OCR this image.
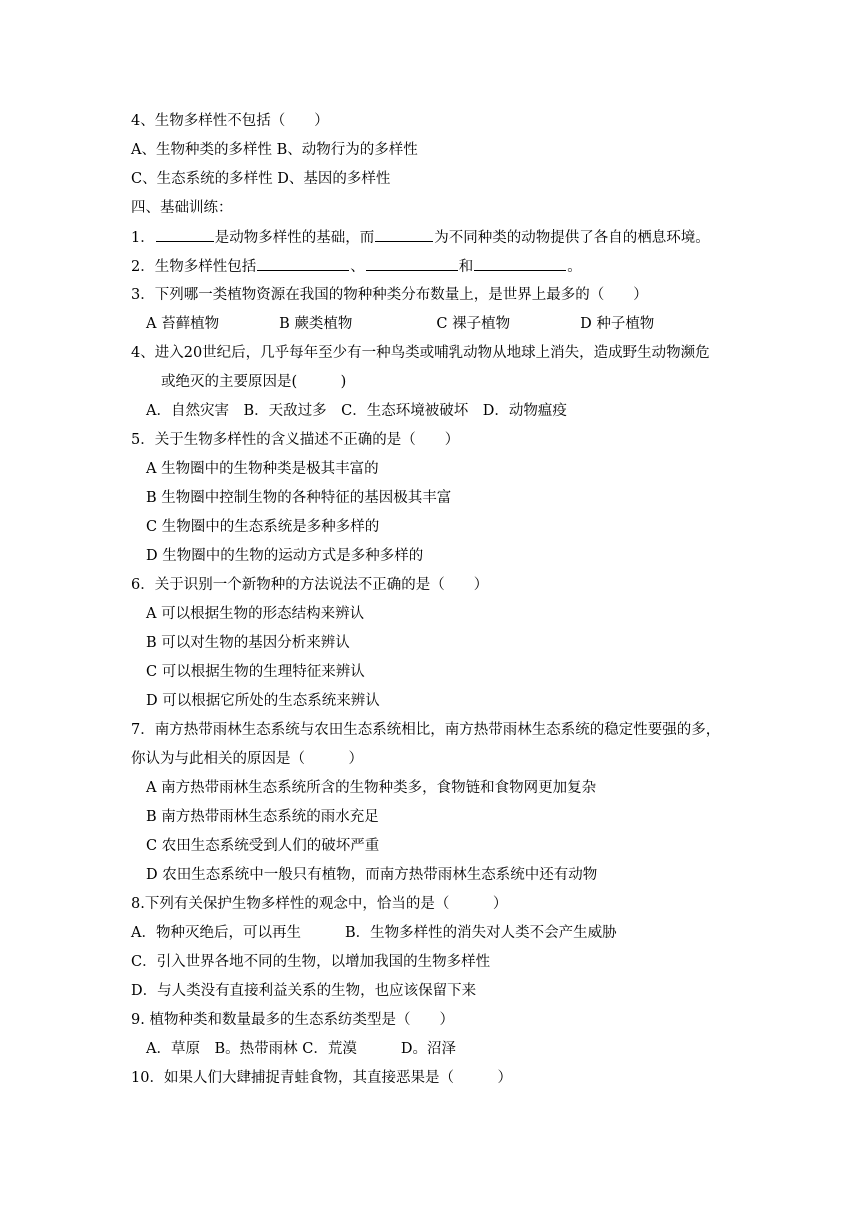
4、生物多样性不包括（　　）
A、生物种类的多样性 B、动物行为的多样性
C、生态系统的多样性 D、基因的多样性
四、基础训练：
1．	是动物多样性的基础，而	为不同种类的动物提供了各自的栖息环境。
2．生物多样性包括	、	和	。
3．下列哪一类植物资源在我国的物种种类分布数量上，是世界上最多的（　　）
A 苔藓植物	B 蕨类植物	C 裸子植物	D 种子植物
4、进入20世纪后，几乎每年至少有一种鸟类或哺乳动物从地球上消失，造成野生动物濒危
或绝灭的主要原因是(　　　)
A．自然灾害　B．天敌过多　C．生态环境被破坏　D．动物瘟疫
5．关于生物多样性的含义描述不正确的是（　　）
A 生物圈中的生物种类是极其丰富的
B 生物圈中控制生物的各种特征的基因极其丰富
C 生物圈中的生态系统是多种多样的
D 生物圈中的生物的运动方式是多种多样的
6．关于识别一个新物种的方法说法不正确的是（　　）
A 可以根据生物的形态结构来辨认
B 可以对生物的基因分析来辨认
C 可以根据生物的生理特征来辨认
D 可以根据它所处的生态系统来辨认
7．南方热带雨林生态系统与农田生态系统相比，南方热带雨林生态系统的稳定性要强的多，
你认为与此相关的原因是（　　　）
A 南方热带雨林生态系统所含的生物种类多，食物链和食物网更加复杂
B 南方热带雨林生态系统的雨水充足
C 农田生态系统受到人们的破坏严重
D 农田生态系统中一般只有植物，而南方热带雨林生态系统中还有动物
8.下列有关保护生物多样性的观念中，恰当的是（　　　）
A．物种灭绝后，可以再生	B．生物多样性的消失对人类不会产生威胁
C．引入世界各地不同的生物，以增加我国的生物多样性
D．与人类没有直接利益关系的生物，也应该保留下来
9. 植物种类和数量最多的生态系纺类型是（　　）
A．草原　B。热带雨林 C．荒漠	D。沼泽
10．如果人们大肆捕捉青蛙食物，其直接恶果是（　　　）
